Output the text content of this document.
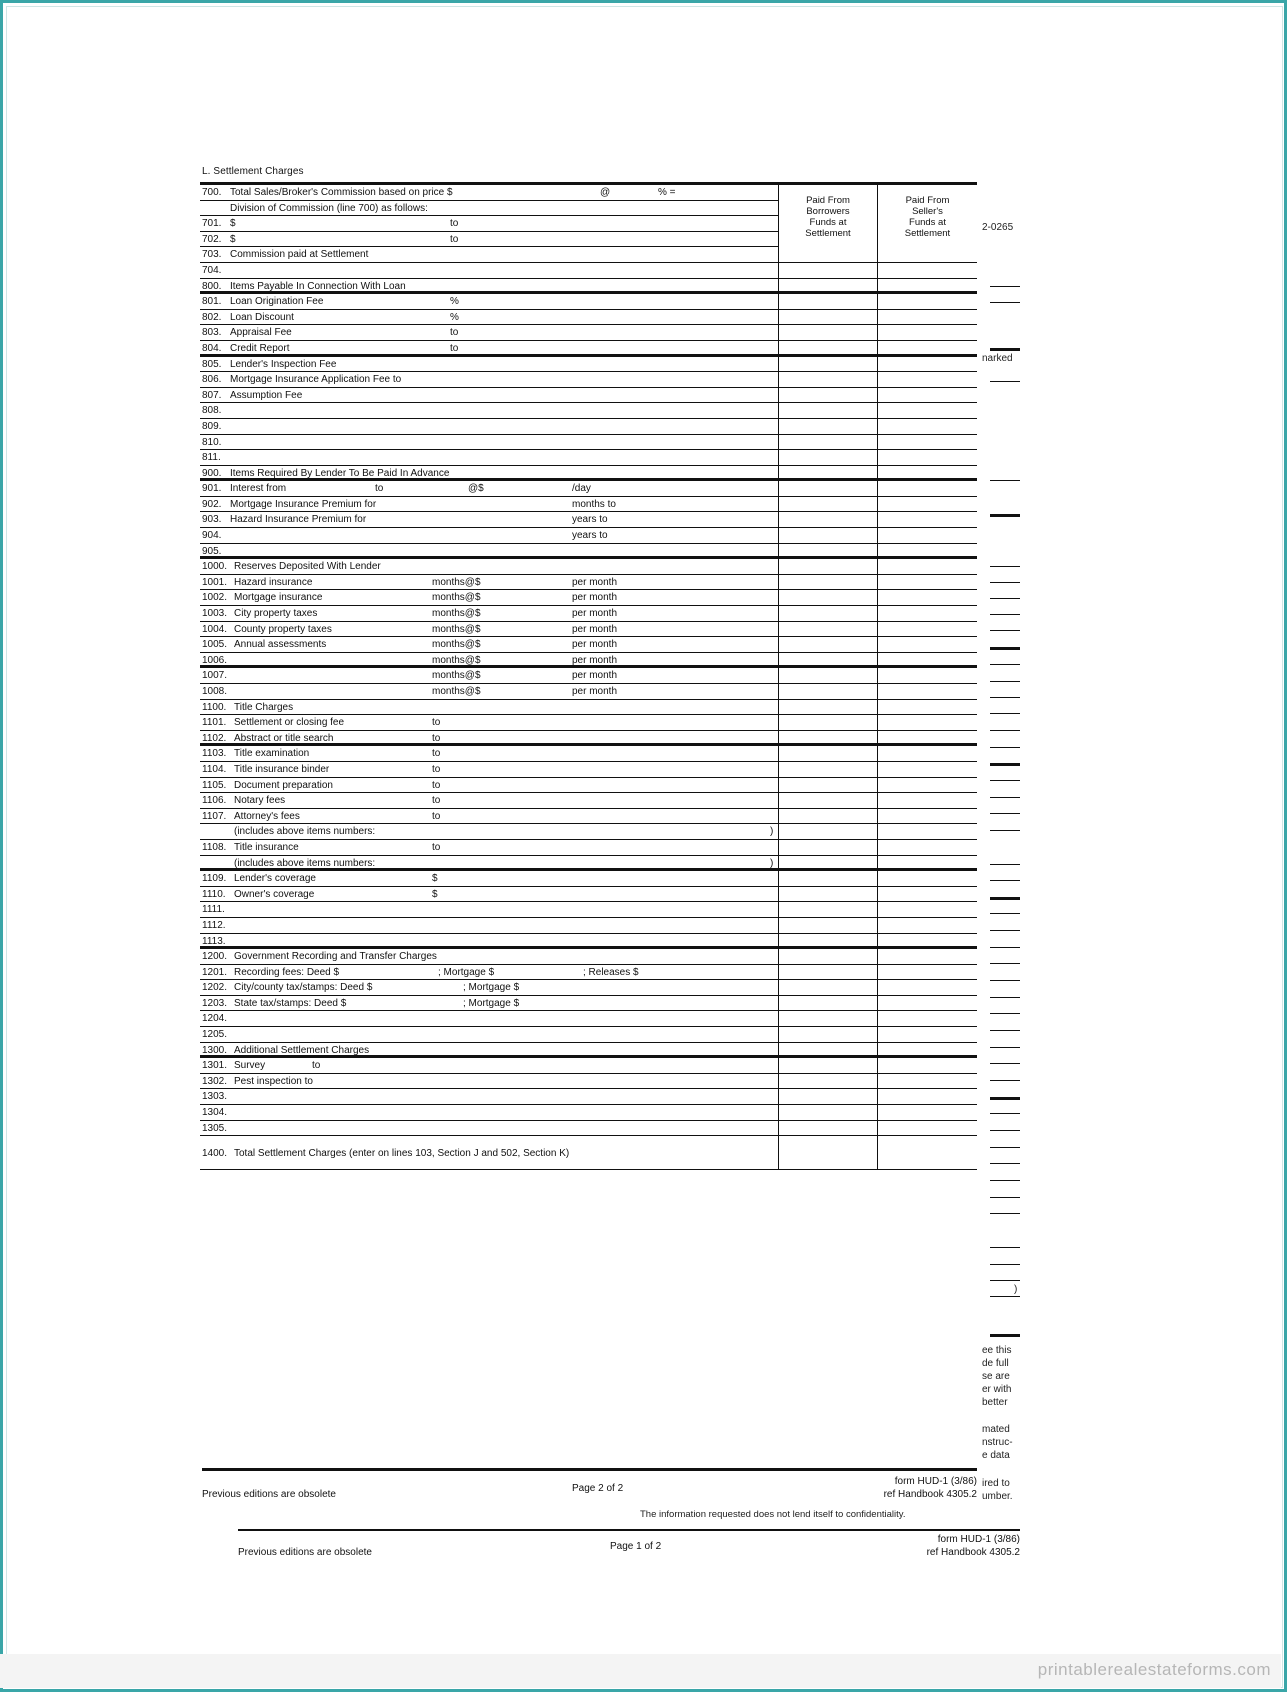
2-0265
narked
)
ee this
de full
se are
er with
better
mated
nstruc-
e data
ired to
umber.
L. Settlement Charges
Paid From
Borrowers
Funds at
Settlement
Paid From
Seller's
Funds at
Settlement
700. Total Sales/Broker's Commission based on price $	@	% =
Division of Commission (line 700) as follows:
701. $	to
702. $	to
703. Commission paid at Settlement
704.
800. Items Payable In Connection With Loan
801. Loan Origination Fee	%
802. Loan Discount	%
803. Appraisal Fee	to
804. Credit Report	to
805. Lender's Inspection Fee
806. Mortgage Insurance Application Fee to
807. Assumption Fee
808.
809.
810.
811.
900. Items Required By Lender To Be Paid In Advance
901. Interest from	to	@$	/day
902. Mortgage Insurance Premium for	months to
903. Hazard Insurance Premium for	years to
904.	years to
905.
1000. Reserves Deposited With Lender
1001. Hazard insurance	months@$	per month
1002. Mortgage insurance	months@$	per month
1003. City property taxes	months@$	per month
1004. County property taxes	months@$	per month
1005. Annual assessments	months@$	per month
1006.	months@$	per month
1007.	months@$	per month
1008.	months@$	per month
1100. Title Charges
1101. Settlement or closing fee	to
1102. Abstract or title search	to
1103. Title examination	to
1104. Title insurance binder	to
1105. Document preparation	to
1106. Notary fees	to
1107. Attorney's fees	to
(includes above items numbers:	)
1108. Title insurance	to
(includes above items numbers:	)
1109. Lender's coverage	$
1110. Owner's coverage	$
1111.
1112.
1113.
1200. Government Recording and Transfer Charges
1201. Recording fees: Deed $	; Mortgage $	; Releases $
1202. City/county tax/stamps: Deed $	; Mortgage $
1203. State tax/stamps: Deed $	; Mortgage $
1204.
1205.
1300. Additional Settlement Charges
1301. Survey	to
1302. Pest inspection to
1303.
1304.
1305.
1400. Total Settlement Charges (enter on lines 103, Section J and 502, Section K)
Previous editions are obsolete
Page 2 of 2
form HUD-1 (3/86)
ref Handbook 4305.2
The information requested does not lend itself to confidentiality.
Previous editions are obsolete
Page 1 of 2
form HUD-1 (3/86)
ref Handbook 4305.2
printablerealestateforms.com
